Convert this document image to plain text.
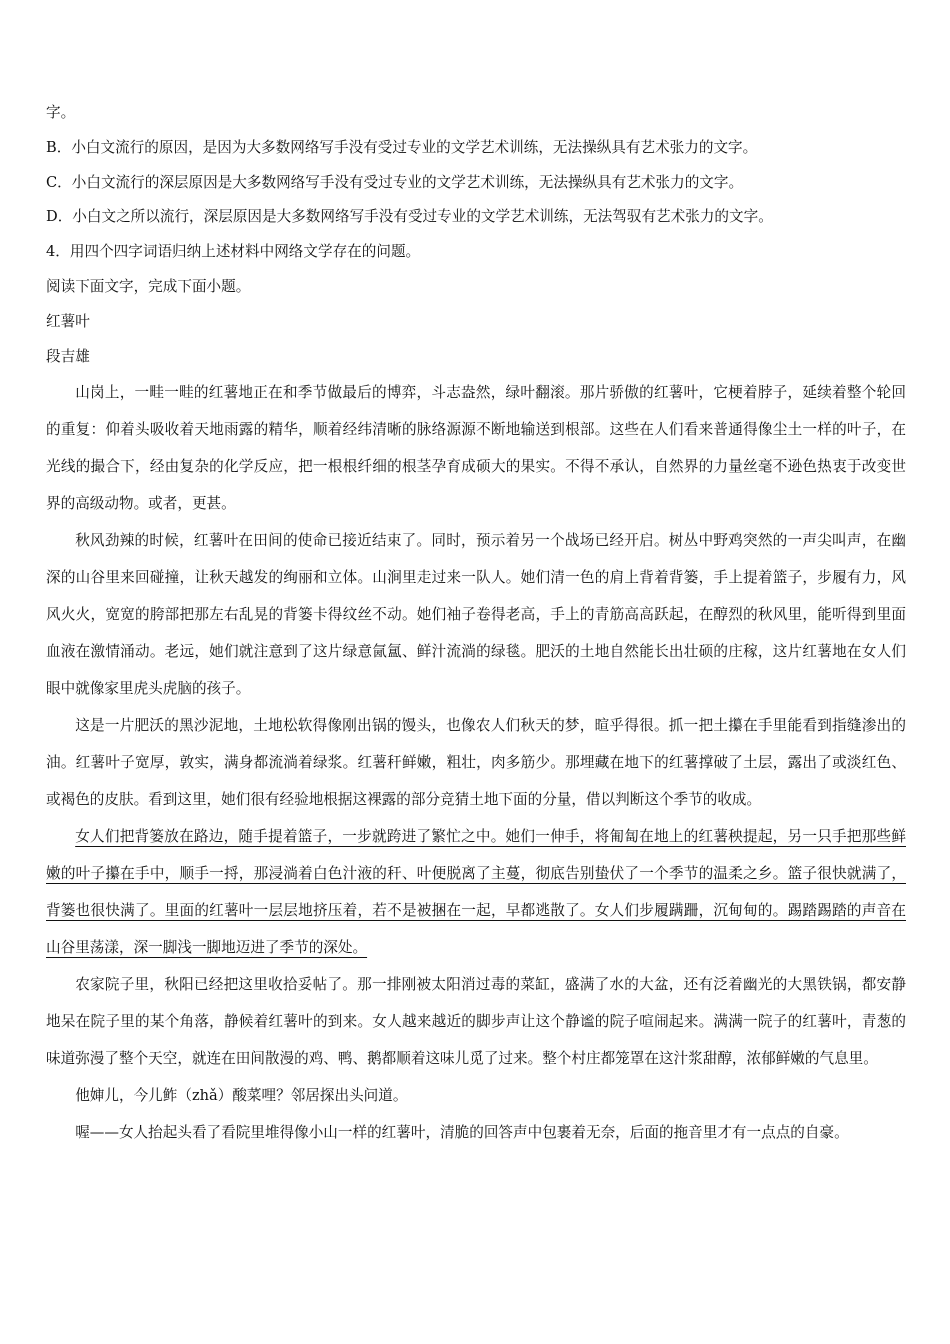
字。

B．小白文流行的原因，是因为大多数网络写手没有受过专业的文学艺术训练，无法操纵具有艺术张力的文字。

C．小白文流行的深层原因是大多数网络写手没有受过专业的文学艺术训练，无法操纵具有艺术张力的文字。

D．小白文之所以流行，深层原因是大多数网络写手没有受过专业的文学艺术训练，无法驾驭有艺术张力的文字。

4．用四个四字词语归纳上述材料中网络文学存在的问题。

阅读下面文字，完成下面小题。

红薯叶

段吉雄

山岗上，一畦一畦的红薯地正在和季节做最后的博弈，斗志盎然，绿叶翻滚。那片骄傲的红薯叶，它梗着脖子，延续着整个轮回的重复：仰着头吸收着天地雨露的精华，顺着经纬清晰的脉络源源不断地输送到根部。这些在人们看来普通得像尘土一样的叶子，在光线的撮合下，经由复杂的化学反应，把一根根纤细的根茎孕育成硕大的果实。不得不承认，自然界的力量丝毫不逊色热衷于改变世界的高级动物。或者，更甚。

秋风劲辣的时候，红薯叶在田间的使命已接近结束了。同时，预示着另一个战场已经开启。树丛中野鸡突然的一声尖叫声，在幽深的山谷里来回碰撞，让秋天越发的绚丽和立体。山涧里走过来一队人。她们清一色的肩上背着背篓，手上提着篮子，步履有力，风风火火，宽宽的胯部把那左右乱晃的背篓卡得纹丝不动。她们袖子卷得老高，手上的青筋高高跃起，在醇烈的秋风里，能听得到里面血液在激情涌动。老远，她们就注意到了这片绿意氤氲、鲜汁流淌的绿毯。肥沃的土地自然能长出壮硕的庄稼，这片红薯地在女人们眼中就像家里虎头虎脑的孩子。

这是一片肥沃的黑沙泥地，土地松软得像刚出锅的馒头，也像农人们秋天的梦，暄乎得很。抓一把土攥在手里能看到指缝渗出的油。红薯叶子宽厚，敦实，满身都流淌着绿浆。红薯秆鲜嫩，粗壮，肉多筋少。那埋藏在地下的红薯撑破了土层，露出了或淡红色、或褐色的皮肤。看到这里，她们很有经验地根据这裸露的部分竞猜土地下面的分量，借以判断这个季节的收成。

女人们把背篓放在路边，随手提着篮子，一步就跨进了繁忙之中。她们一伸手，将匍匐在地上的红薯秧提起，另一只手把那些鲜嫩的叶子攥在手中，顺手一捋，那浸淌着白色汁液的秆、叶便脱离了主蔓，彻底告别蛰伏了一个季节的温柔之乡。篮子很快就满了，背篓也很快满了。里面的红薯叶一层层地挤压着，若不是被捆在一起，早都逃散了。女人们步履蹒跚，沉甸甸的。踢踏踢踏的声音在山谷里荡漾，深一脚浅一脚地迈进了季节的深处。

农家院子里，秋阳已经把这里收拾妥帖了。那一排刚被太阳消过毒的菜缸，盛满了水的大盆，还有泛着幽光的大黑铁锅，都安静地呆在院子里的某个角落，静候着红薯叶的到来。女人越来越近的脚步声让这个静谧的院子喧闹起来。满满一院子的红薯叶，青葱的味道弥漫了整个天空，就连在田间散漫的鸡、鸭、鹅都顺着这味儿觅了过来。整个村庄都笼罩在这汁浆甜醇，浓郁鲜嫩的气息里。

他婶儿，今儿鲊（zhǎ）酸菜哩？邻居探出头问道。

喔——女人抬起头看了看院里堆得像小山一样的红薯叶，清脆的回答声中包裹着无奈，后面的拖音里才有一点点的自豪。
